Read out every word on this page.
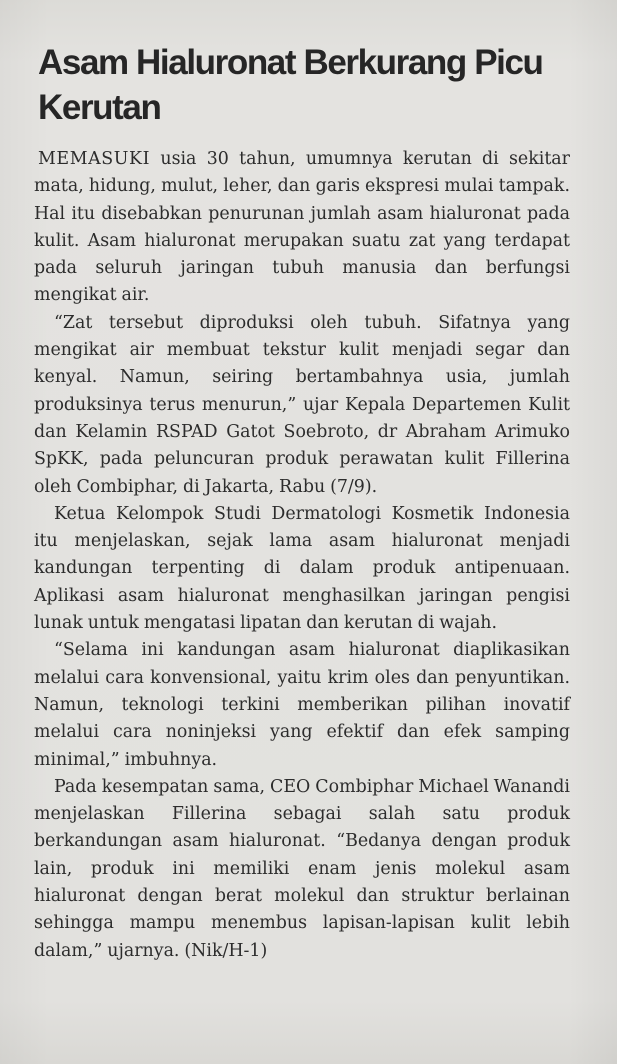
Asam Hialuronat Berkurang Picu Kerutan

MEMASUKI usia 30 tahun, umumnya kerutan di sekitar mata, hidung, mulut, leher, dan garis ekspresi mulai tampak. Hal itu disebabkan penurunan jumlah asam hialuronat pada kulit. Asam hialuronat merupakan suatu zat yang terdapat pada seluruh jaringan tubuh manusia dan berfungsi mengikat air.

“Zat tersebut diproduksi oleh tubuh. Sifatnya yang mengikat air membuat tekstur kulit menjadi segar dan kenyal. Namun, seiring bertambahnya usia, jumlah produksinya terus menurun,” ujar Kepala Departemen Kulit dan Kelamin RSPAD Gatot Soebroto, dr Abraham Arimuko SpKK, pada peluncuran produk perawatan kulit Fillerina oleh Combiphar, di Jakarta, Rabu (7/9).

Ketua Kelompok Studi Dermatologi Kosmetik Indonesia itu menjelaskan, sejak lama asam hialuronat menjadi kandungan terpenting di dalam produk antipenuaan. Aplikasi asam hialuronat menghasilkan jaringan pengisi lunak untuk mengatasi lipatan dan kerutan di wajah.

“Selama ini kandungan asam hialuronat diaplikasikan melalui cara konvensional, yaitu krim oles dan penyuntikan. Namun, teknologi terkini memberikan pilihan inovatif melalui cara noninjeksi yang efektif dan efek samping minimal,” imbuhnya.

Pada kesempatan sama, CEO Combiphar Michael Wanandi menjelaskan Fillerina sebagai salah satu produk berkandungan asam hialuronat. “Bedanya dengan produk lain, produk ini memiliki enam jenis molekul asam hialuronat dengan berat molekul dan struktur berlainan sehingga mampu menembus lapisan-lapisan kulit lebih dalam,” ujarnya. (Nik/H-1)
